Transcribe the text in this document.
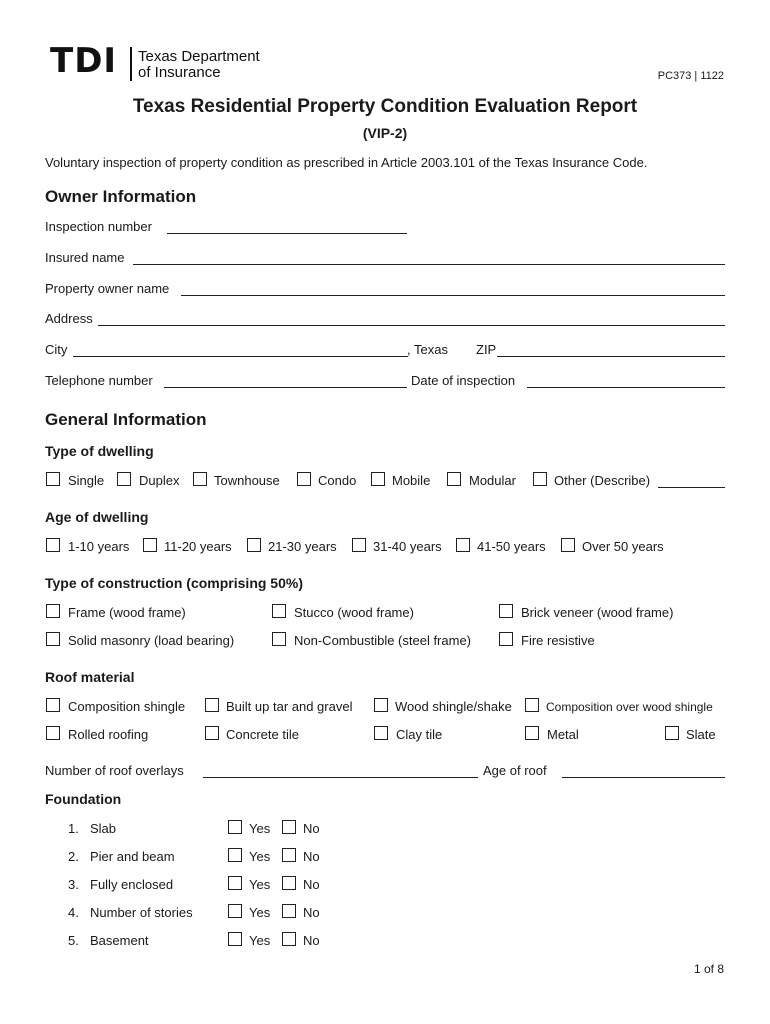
TDI Texas Department
of Insurance	PC373 | 1122
Texas Residential Property Condition Evaluation Report
(VIP-2)
Voluntary inspection of property condition as prescribed in Article 2003.101 of the Texas Insurance Code.
Owner Information
Inspection number
Insured name
Property owner name
Address
City	, Texas ZIP
Telephone number	Date of inspection
General Information
Type of dwelling
Single	Duplex	Townhouse	Condo	Mobile	Modular	Other (Describe)
Age of dwelling
1-10 years	11-20 years	21-30 years	31-40 years	41-50 years	Over 50 years
Type of construction (comprising 50%)
Frame (wood frame)	Stucco (wood frame)	Brick veneer (wood frame)
Solid masonry (load bearing)	Non-Combustible (steel frame)	Fire resistive
Roof material
Composition shingle	Built up tar and gravel	Wood shingle/shake	Composition over wood shingle
Rolled roofing	Concrete tile	Clay tile	Metal	Slate
Number of roof overlays	Age of roof
Foundation
1. Slab	Yes	No
2. Pier and beam	Yes	No
3. Fully enclosed	Yes	No
4. Number of stories	Yes	No
5. Basement	Yes	No
1 of 8
